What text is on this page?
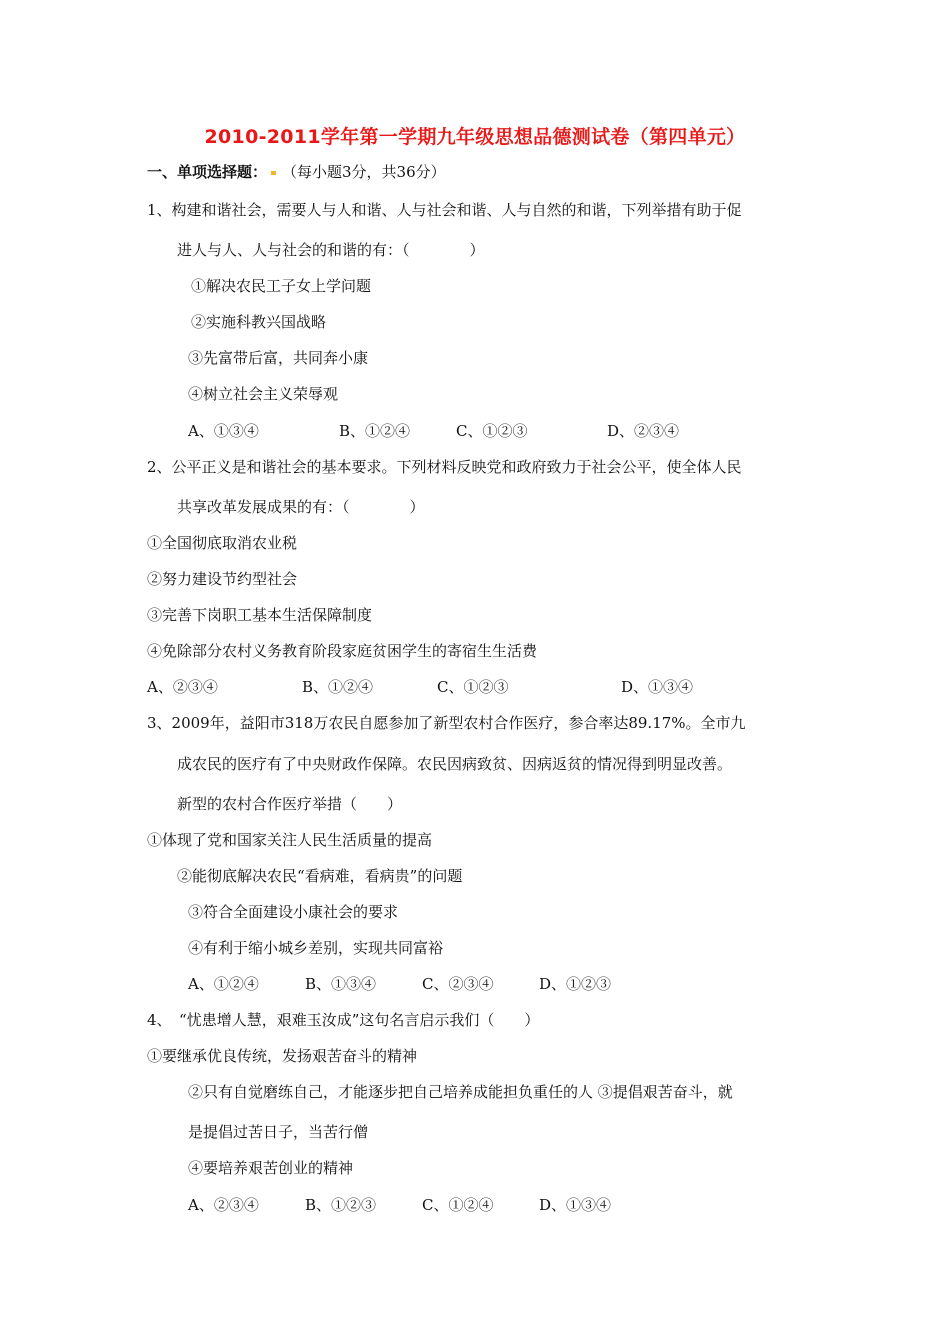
2010-2011学年第一学期九年级思想品德测试卷（第四单元）
一、单项选择题： （每小题3分，共36分）
1、构建和谐社会，需要人与人和谐、人与社会和谐、人与自然的和谐，下列举措有助于促
进人与人、人与社会的和谐的有：（　　　　）
①解决农民工子女上学问题
②实施科教兴国战略
③先富带后富，共同奔小康
④树立社会主义荣辱观
A、①③④	B、①②④	C、①②③	D、②③④
2、公平正义是和谐社会的基本要求。下列材料反映党和政府致力于社会公平，使全体人民
共享改革发展成果的有：（　　　　）
①全国彻底取消农业税
②努力建设节约型社会
③完善下岗职工基本生活保障制度
④免除部分农村义务教育阶段家庭贫困学生的寄宿生生活费
A、②③④	B、①②④	C、①②③	D、①③④
3、2009年，益阳市318万农民自愿参加了新型农村合作医疗，参合率达89.17%。全市九
成农民的医疗有了中央财政作保障。农民因病致贫、因病返贫的情况得到明显改善。
新型的农村合作医疗举措（　　）
①体现了党和国家关注人民生活质量的提高
②能彻底解决农民“看病难，看病贵”的问题
③符合全面建设小康社会的要求
④有利于缩小城乡差别，实现共同富裕
A、①②④	B、①③④	C、②③④	D、①②③
4、　“忧患增人慧，艰难玉汝成”这句名言启示我们（　　）
①要继承优良传统，发扬艰苦奋斗的精神
②只有自觉磨练自己，才能逐步把自己培养成能担负重任的人 ③提倡艰苦奋斗，就
是提倡过苦日子，当苦行僧
④要培养艰苦创业的精神
A、②③④	B、①②③	C、①②④	D、①③④
